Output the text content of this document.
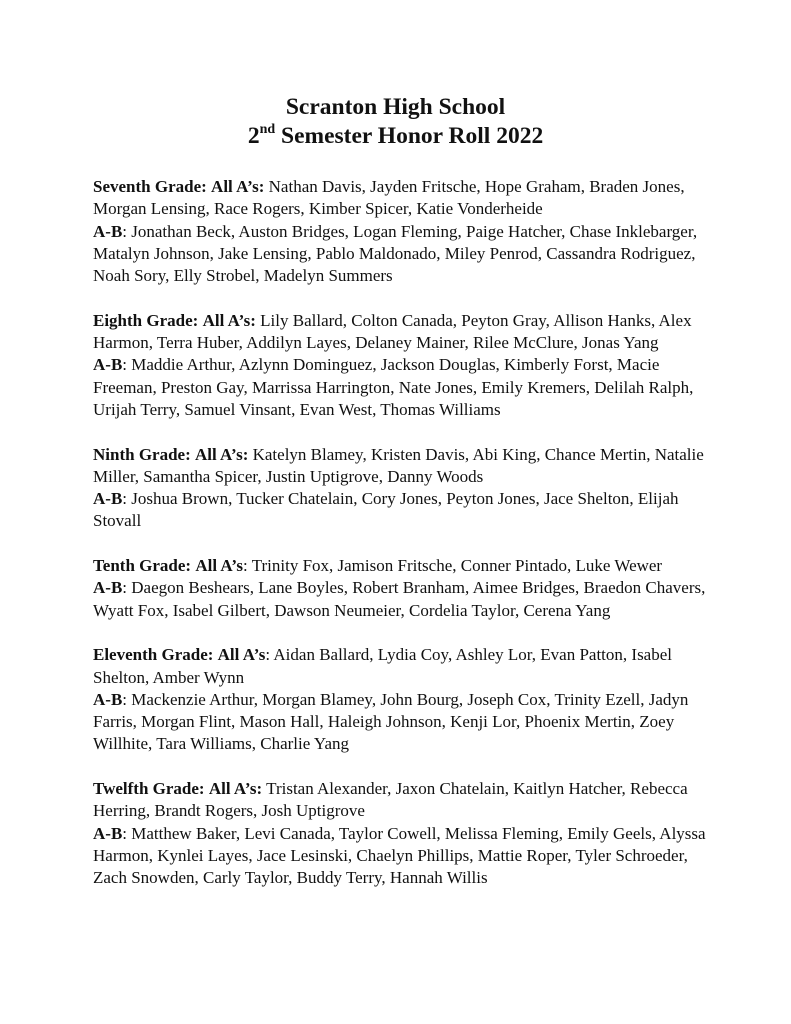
Scranton High School
2nd Semester Honor Roll 2022

Seventh Grade: All A’s: Nathan Davis, Jayden Fritsche, Hope Graham, Braden Jones, Morgan Lensing, Race Rogers, Kimber Spicer, Katie Vonderheide

A-B: Jonathan Beck, Auston Bridges, Logan Fleming, Paige Hatcher, Chase Inklebarger, Matalyn Johnson, Jake Lensing, Pablo Maldonado, Miley Penrod, Cassandra Rodriguez, Noah Sory, Elly Strobel, Madelyn Summers

Eighth Grade: All A’s: Lily Ballard, Colton Canada, Peyton Gray, Allison Hanks, Alex Harmon, Terra Huber, Addilyn Layes, Delaney Mainer, Rilee McClure, Jonas Yang

A-B: Maddie Arthur, Azlynn Dominguez, Jackson Douglas, Kimberly Forst, Macie Freeman, Preston Gay, Marrissa Harrington, Nate Jones, Emily Kremers, Delilah Ralph, Urijah Terry, Samuel Vinsant, Evan West, Thomas Williams

Ninth Grade: All A’s: Katelyn Blamey, Kristen Davis, Abi King, Chance Mertin, Natalie Miller, Samantha Spicer, Justin Uptigrove, Danny Woods

A-B: Joshua Brown, Tucker Chatelain, Cory Jones, Peyton Jones, Jace Shelton, Elijah Stovall

Tenth Grade: All A’s: Trinity Fox, Jamison Fritsche, Conner Pintado, Luke Wewer

A-B: Daegon Beshears, Lane Boyles, Robert Branham, Aimee Bridges, Braedon Chavers, Wyatt Fox, Isabel Gilbert, Dawson Neumeier, Cordelia Taylor, Cerena Yang

Eleventh Grade: All A’s: Aidan Ballard, Lydia Coy, Ashley Lor, Evan Patton, Isabel Shelton, Amber Wynn

A-B: Mackenzie Arthur, Morgan Blamey, John Bourg, Joseph Cox, Trinity Ezell, Jadyn Farris, Morgan Flint, Mason Hall, Haleigh Johnson, Kenji Lor, Phoenix Mertin, Zoey Willhite, Tara Williams, Charlie Yang

Twelfth Grade: All A’s: Tristan Alexander, Jaxon Chatelain, Kaitlyn Hatcher, Rebecca Herring, Brandt Rogers, Josh Uptigrove

A-B: Matthew Baker, Levi Canada, Taylor Cowell, Melissa Fleming, Emily Geels, Alyssa Harmon, Kynlei Layes, Jace Lesinski, Chaelyn Phillips, Mattie Roper, Tyler Schroeder, Zach Snowden, Carly Taylor, Buddy Terry, Hannah Willis
